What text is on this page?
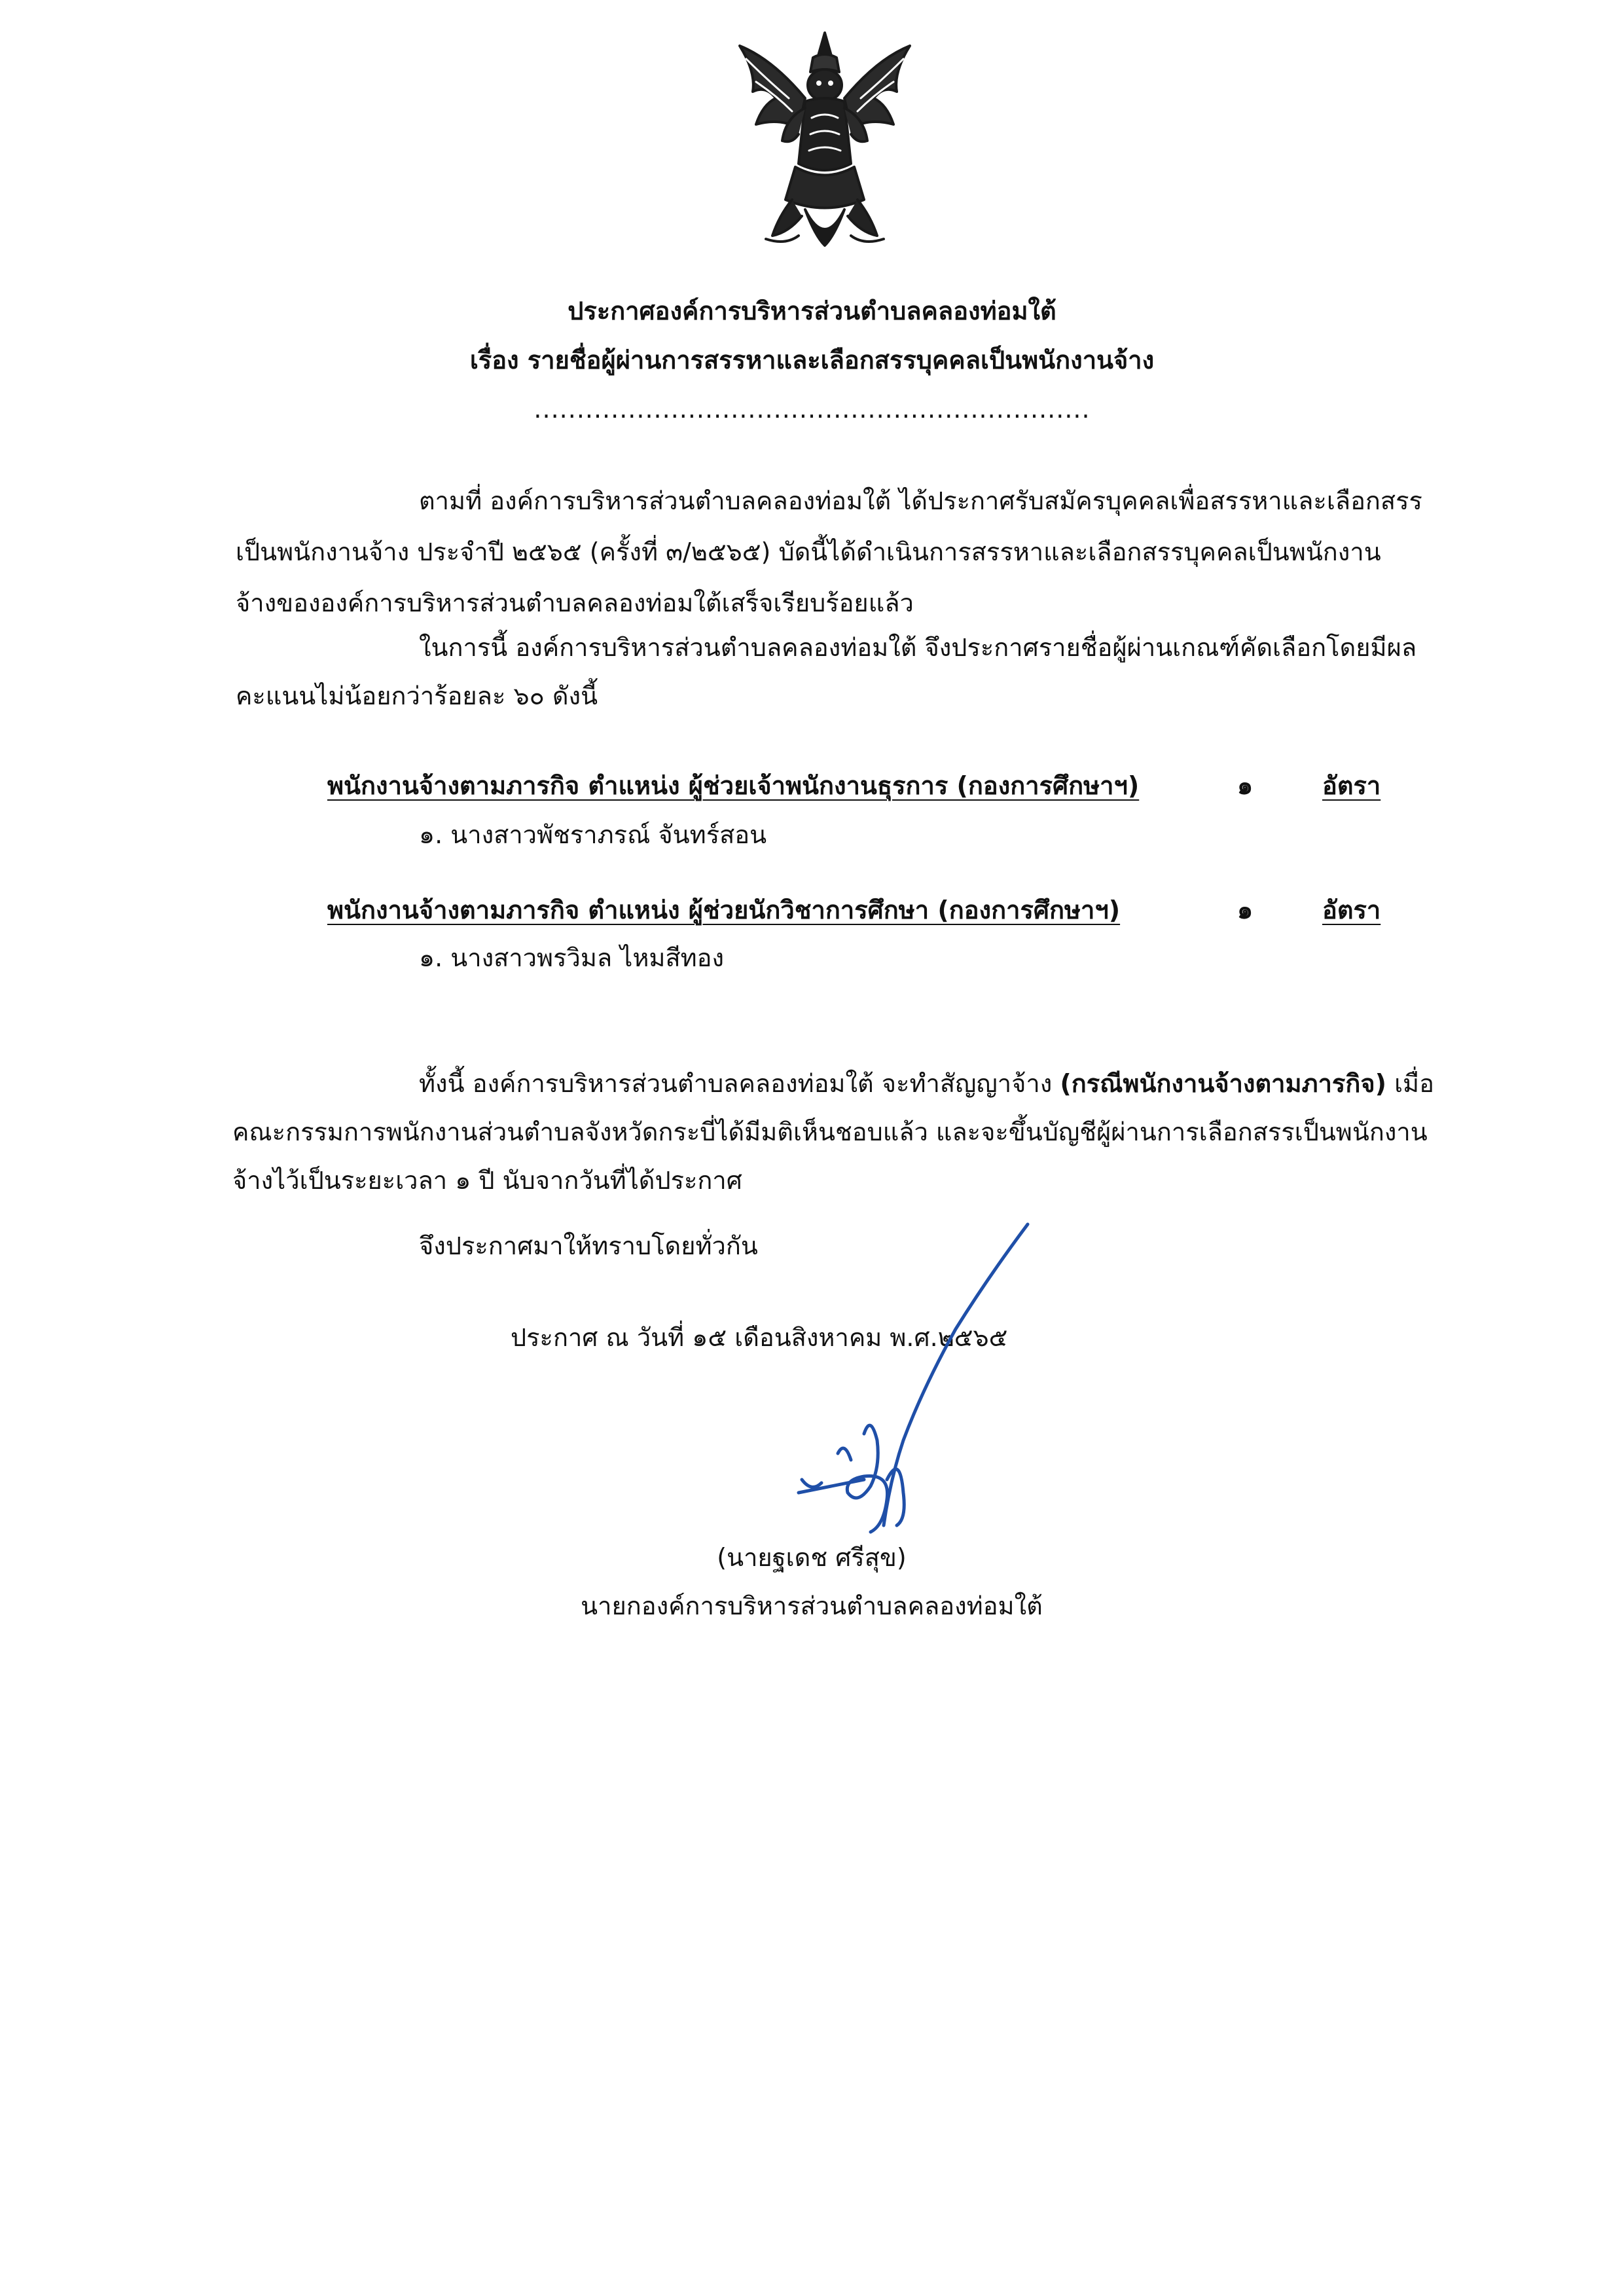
ประกาศองค์การบริหารส่วนตำบลคลองท่อมใต้
เรื่อง รายชื่อผู้ผ่านการสรรหาและเลือกสรรบุคคลเป็นพนักงานจ้าง
.................................................................
ตามที่ องค์การบริหารส่วนตำบลคลองท่อมใต้ ได้ประกาศรับสมัครบุคคลเพื่อสรรหาและเลือกสรร
เป็นพนักงานจ้าง ประจำปี ๒๕๖๕ (ครั้งที่ ๓/๒๕๖๕) บัดนี้ได้ดำเนินการสรรหาและเลือกสรรบุคคลเป็นพนักงาน
จ้างขององค์การบริหารส่วนตำบลคลองท่อมใต้เสร็จเรียบร้อยแล้ว
ในการนี้ องค์การบริหารส่วนตำบลคลองท่อมใต้ จึงประกาศรายชื่อผู้ผ่านเกณฑ์คัดเลือกโดยมีผล
คะแนนไม่น้อยกว่าร้อยละ ๖๐ ดังนี้
พนักงานจ้างตามภารกิจ ตำแหน่ง ผู้ช่วยเจ้าพนักงานธุรการ (กองการศึกษาฯ)	๑	อัตรา
๑. นางสาวพัชราภรณ์ จันทร์สอน
พนักงานจ้างตามภารกิจ ตำแหน่ง ผู้ช่วยนักวิชาการศึกษา (กองการศึกษาฯ)	๑	อัตรา
๑. นางสาวพรวิมล ไหมสีทอง
ทั้งนี้ องค์การบริหารส่วนตำบลคลองท่อมใต้ จะทำสัญญาจ้าง (กรณีพนักงานจ้างตามภารกิจ) เมื่อ
คณะกรรมการพนักงานส่วนตำบลจังหวัดกระบี่ได้มีมติเห็นชอบแล้ว และจะขึ้นบัญชีผู้ผ่านการเลือกสรรเป็นพนักงาน
จ้างไว้เป็นระยะเวลา ๑ ปี นับจากวันที่ได้ประกาศ
จึงประกาศมาให้ทราบโดยทั่วกัน
ประกาศ ณ วันที่ ๑๕ เดือนสิงหาคม พ.ศ.๒๕๖๕
(นายฐเดช ศรีสุข)
นายกองค์การบริหารส่วนตำบลคลองท่อมใต้
